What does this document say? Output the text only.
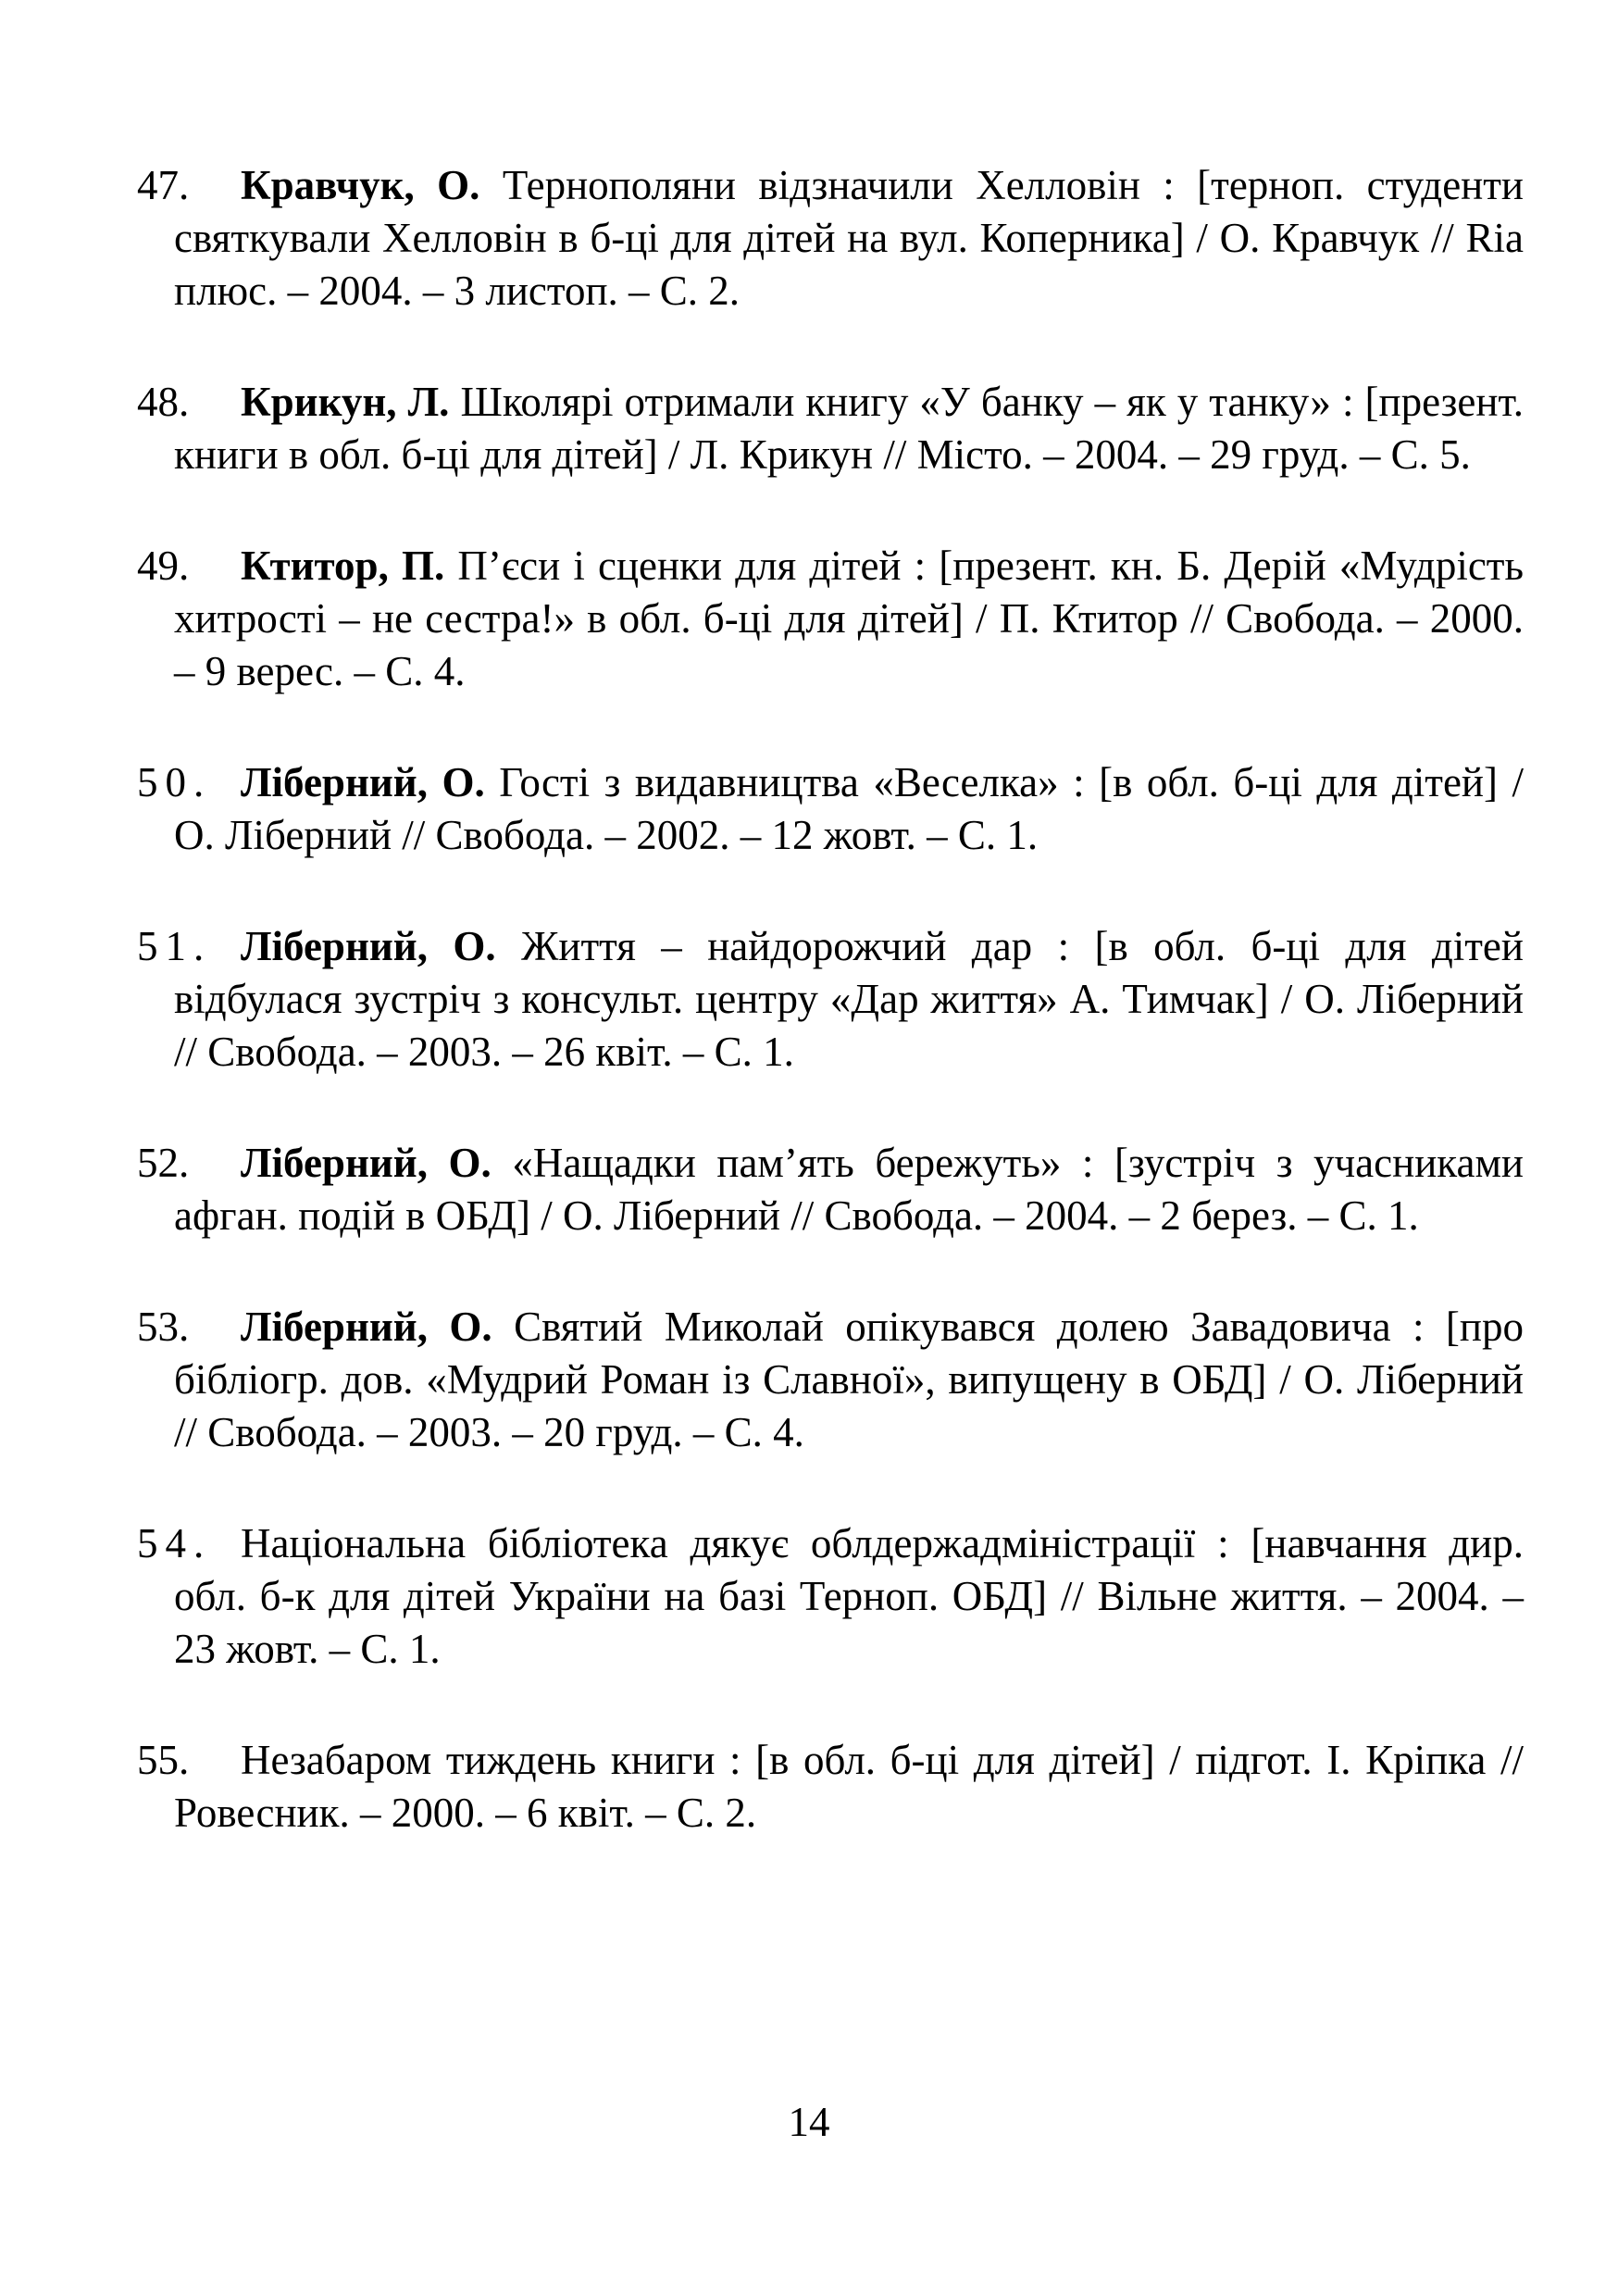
47. Кравчук, О. Тернополяни відзначили Хелловін : [терноп. студенти святкували Хелловін в б-ці для дітей на вул. Коперника] / О. Кравчук // Ria плюс. – 2004. – 3 листоп. – С. 2.

48. Крикун, Л. Школярі отримали книгу «У банку – як у танку» : [презент. книги в обл. б-ці для дітей] / Л. Крикун // Місто. – 2004. – 29 груд. – С. 5.

49. Ктитор, П. П’єси і сценки для дітей : [презент. кн. Б. Дерій «Мудрість хитрості – не сестра!» в обл. б-ці для дітей] / П. Ктитор // Свобода. – 2000. – 9 верес. – С. 4.

50. Ліберний, О. Гості з видавництва «Веселка» : [в обл. б-ці для дітей] / О. Ліберний // Свобода. – 2002. – 12 жовт. – С. 1.

51. Ліберний, О. Життя – найдорожчий дар : [в обл. б-ці для дітей відбулася зустріч з консульт. центру «Дар життя» А. Тимчак] / О. Ліберний // Свобода. – 2003. – 26 квіт. – С. 1.

52. Ліберний, О. «Нащадки пам’ять бережуть» : [зустріч з учасниками афган. подій в ОБД] / О. Ліберний // Свобода. – 2004. – 2 берез. – С. 1.

53. Ліберний, О. Святий Миколай опікувався долею Завадовича : [про бібліогр. дов. «Мудрий Роман із Славної», випущену в ОБД] / О. Ліберний // Свобода. – 2003. – 20 груд. – С. 4.

54. Національна бібліотека дякує облдержадміністрації : [навчання дир. обл. б-к для дітей України на базі Терноп. ОБД] // Вільне життя. – 2004. – 23 жовт. – С. 1.

55. Незабаром тиждень книги : [в обл. б-ці для дітей] / підгот. І. Кріпка // Ровесник. – 2000. – 6 квіт. – С. 2.

14
